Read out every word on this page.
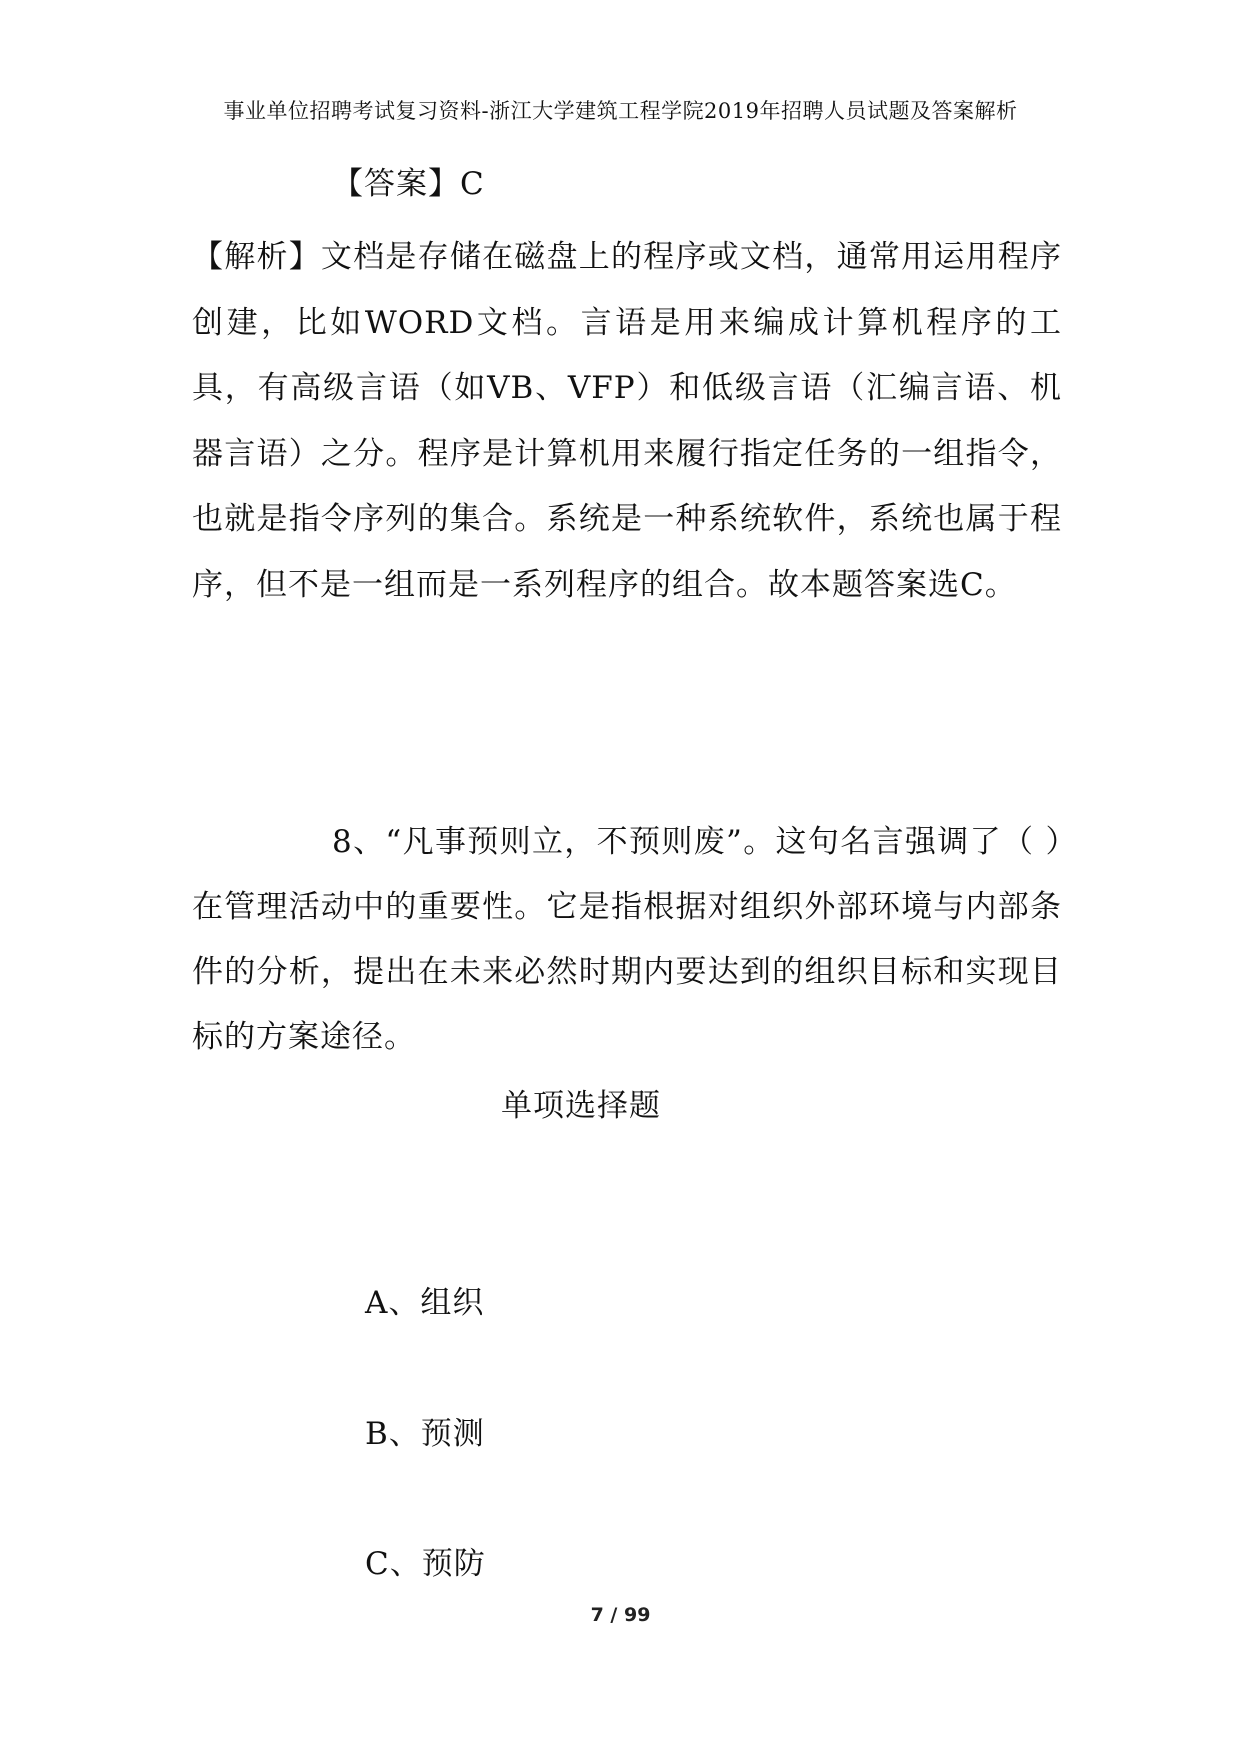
事业单位招聘考试复习资料-浙江大学建筑工程学院2019年招聘人员试题及答案解析
【答案】C
【解析】文档是存储在磁盘上的程序或文档，通常用运用程序创建，比如WORD文档。言语是用来编成计算机程序的工具，有高级言语（如VB、VFP）和低级言语（汇编言语、机器言语）之分。程序是计算机用来履行指定任务的一组指令，也就是指令序列的集合。系统是一种系统软件，系统也属于程序，但不是一组而是一系列程序的组合。故本题答案选C。
8、“凡事预则立，不预则废”。这句名言强调了（ ）在管理活动中的重要性。它是指根据对组织外部环境与内部条件的分析，提出在未来必然时期内要达到的组织目标和实现目标的方案途径。
单项选择题
A、组织
B、预测
C、预防
7 / 99
